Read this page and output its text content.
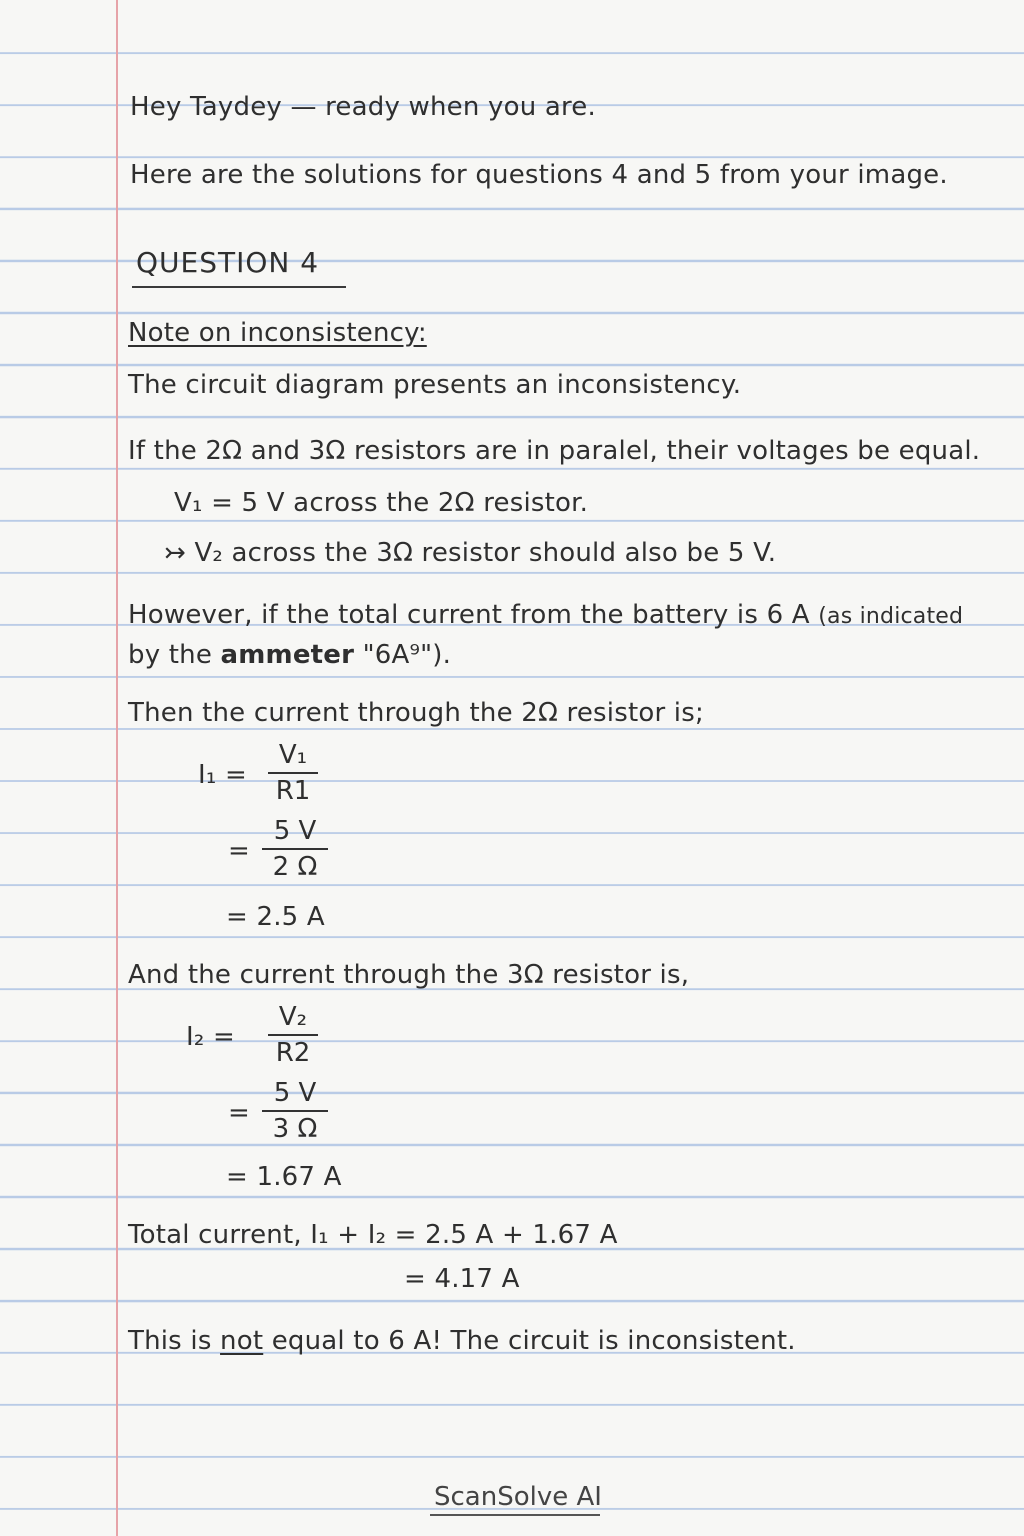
Hey Taydey — ready when you are.
Here are the solutions for questions 4 and 5 from your image.
QUESTION 4
Note on inconsistency:
The circuit diagram presents an inconsistency.
If the 2Ω and 3Ω resistors are in paralel, their voltages be equal.
V₁ = 5 V across the 2Ω resistor.
↣ V₂ across the 3Ω resistor should also be 5 V.
However, if the total current from the battery is 6 A (as indicated
by the ammeter "6A⁹").
Then the current through the 2Ω resistor is;
I₁ =
V₁
R1
=
5 V
2 Ω
= 2.5 A
And the current through the 3Ω resistor is,
I₂ =
V₂
R2
=
5 V
3 Ω
= 1.67 A
Total current, I₁ + I₂ = 2.5 A + 1.67 A
= 4.17 A
This is not equal to 6 A! The circuit is inconsistent.
ScanSolve AI
